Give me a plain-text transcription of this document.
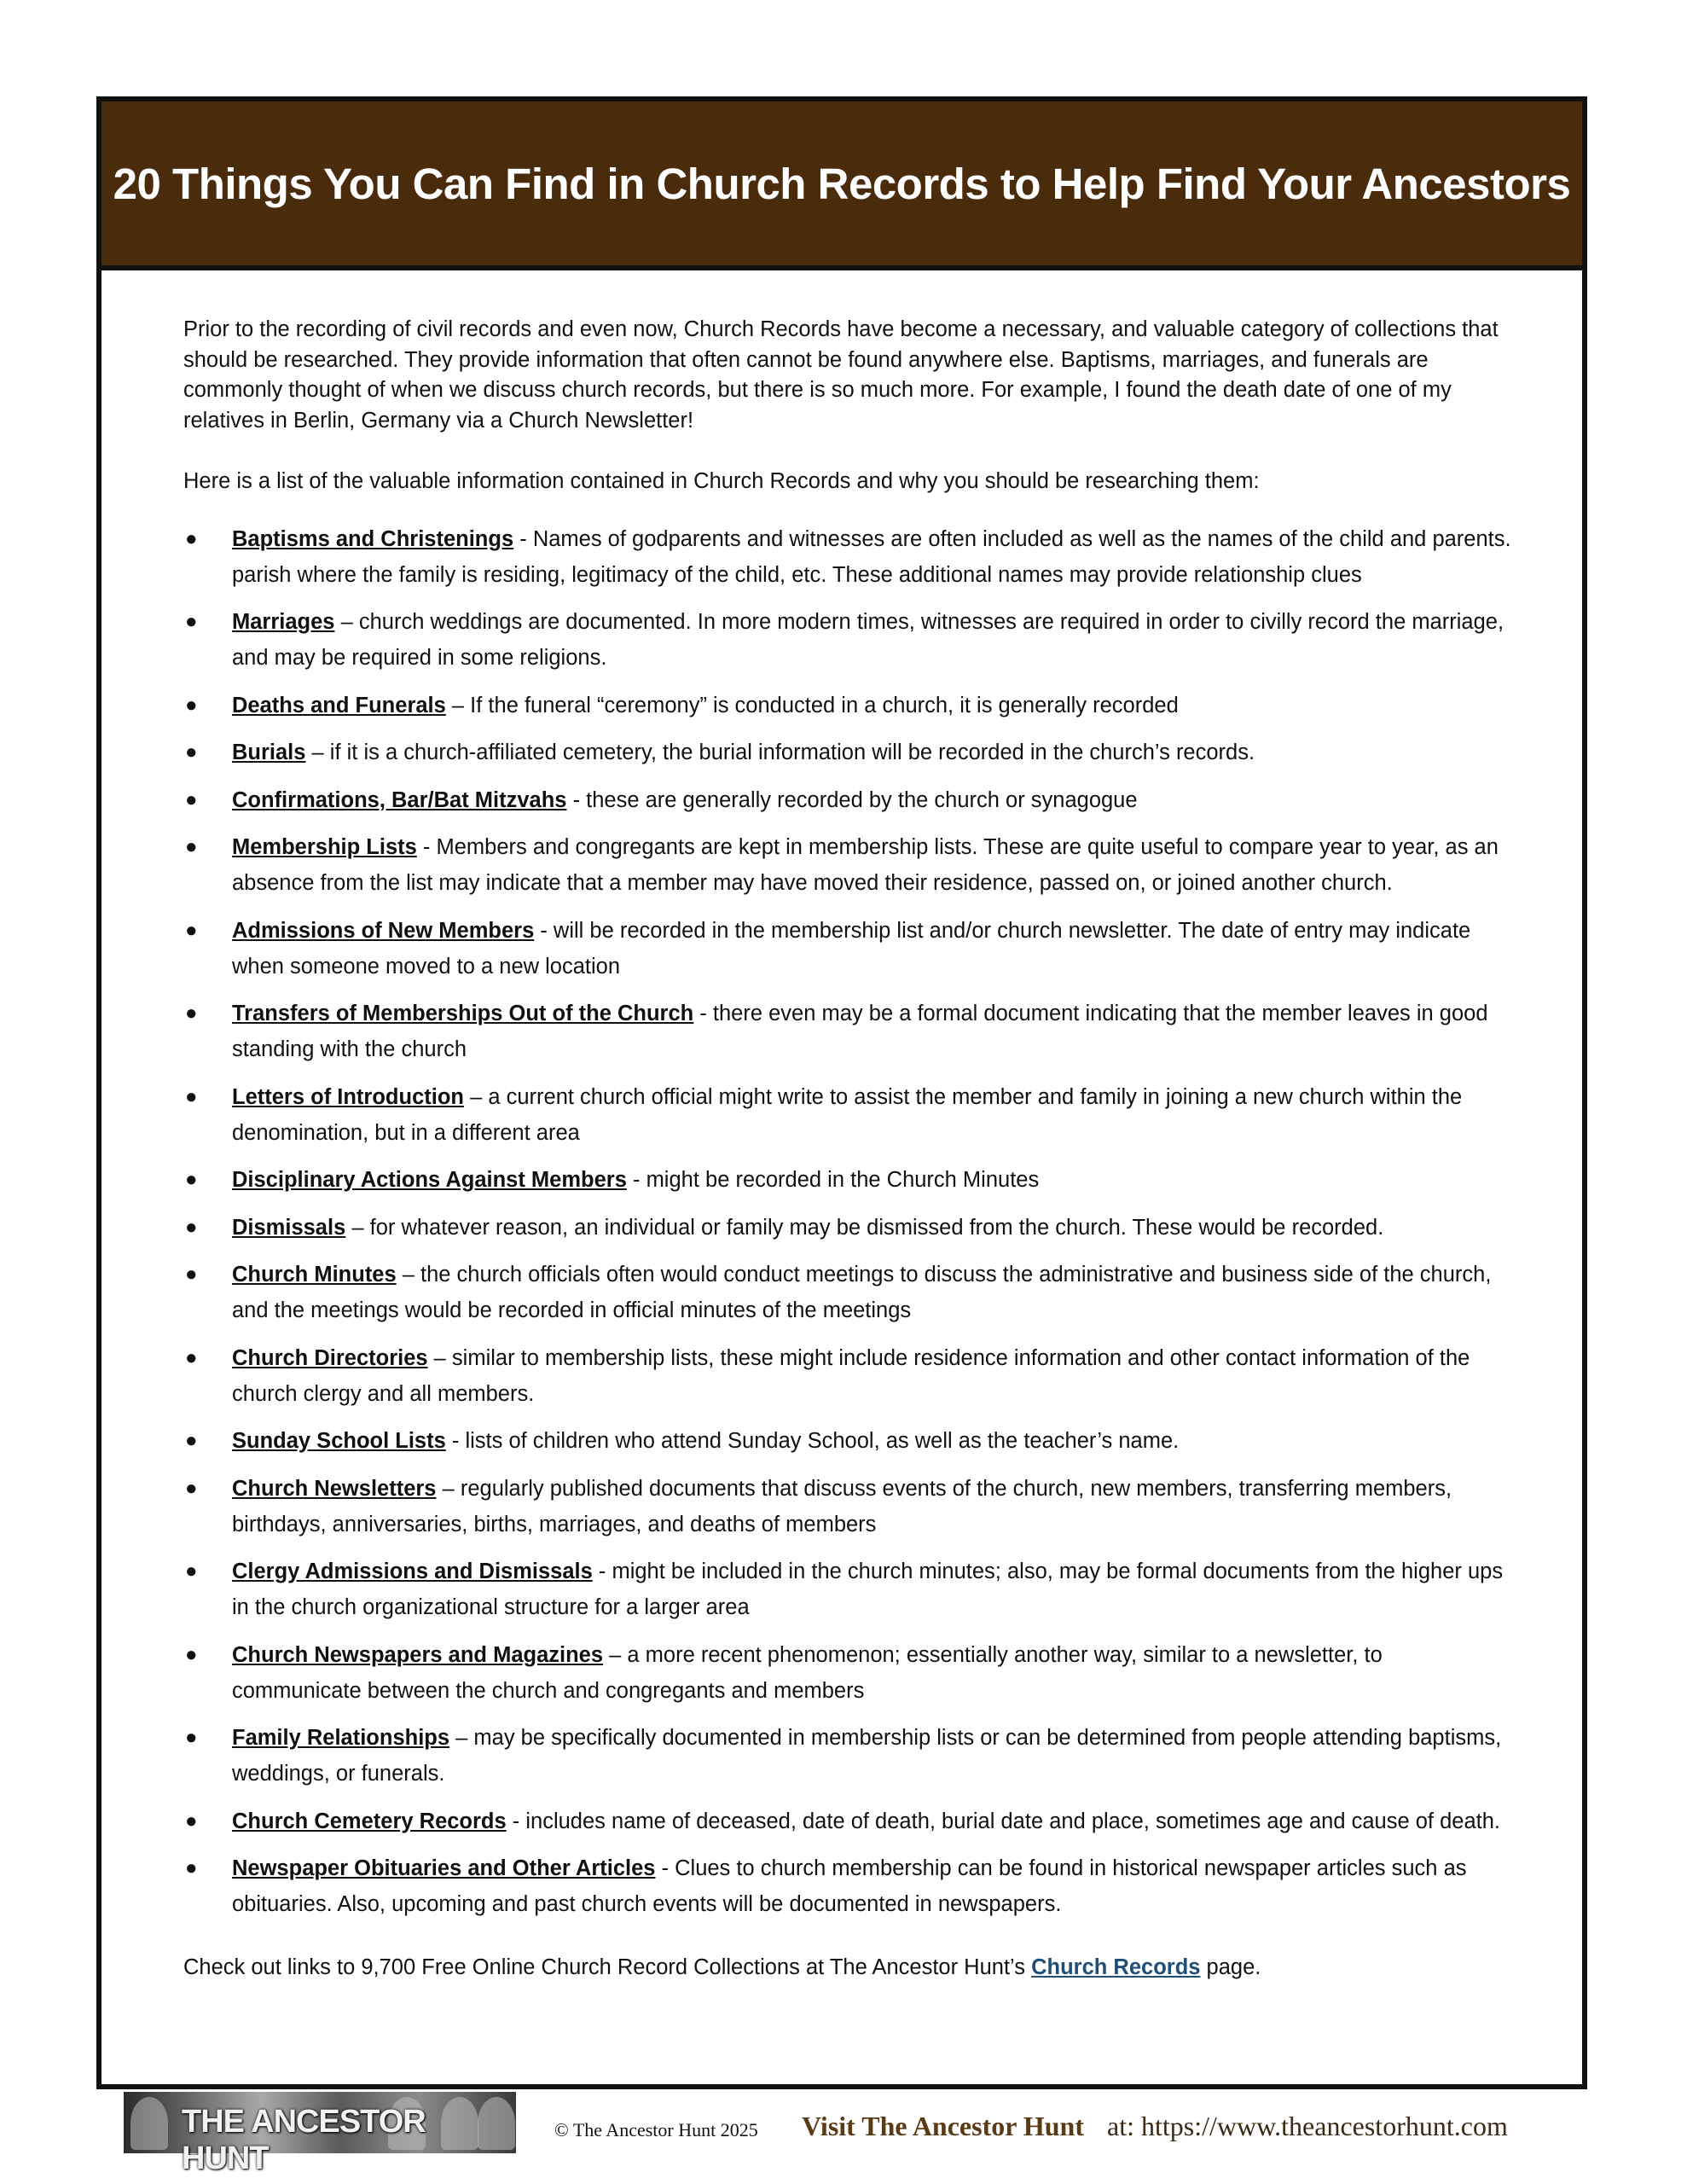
20 Things You Can Find in Church Records to Help Find Your Ancestors

Prior to the recording of civil records and even now, Church Records have become a necessary, and valuable category of collections that should be researched. They provide information that often cannot be found anywhere else. Baptisms, marriages, and funerals are commonly thought of when we discuss church records, but there is so much more. For example, I found the death date of one of my relatives in Berlin, Germany via a Church Newsletter!

Here is a list of the valuable information contained in Church Records and why you should be researching them:

● Baptisms and Christenings - Names of godparents and witnesses are often included as well as the names of the child and parents. parish where the family is residing, legitimacy of the child, etc. These additional names may provide relationship clues
● Marriages – church weddings are documented. In more modern times, witnesses are required in order to civilly record the marriage, and may be required in some religions.
● Deaths and Funerals – If the funeral “ceremony” is conducted in a church, it is generally recorded
● Burials – if it is a church-affiliated cemetery, the burial information will be recorded in the church’s records.
● Confirmations, Bar/Bat Mitzvahs - these are generally recorded by the church or synagogue
● Membership Lists - Members and congregants are kept in membership lists. These are quite useful to compare year to year, as an absence from the list may indicate that a member may have moved their residence, passed on, or joined another church.
● Admissions of New Members - will be recorded in the membership list and/or church newsletter. The date of entry may indicate when someone moved to a new location
● Transfers of Memberships Out of the Church - there even may be a formal document indicating that the member leaves in good standing with the church
● Letters of Introduction – a current church official might write to assist the member and family in joining a new church within the denomination, but in a different area
● Disciplinary Actions Against Members - might be recorded in the Church Minutes
● Dismissals – for whatever reason, an individual or family may be dismissed from the church. These would be recorded.
● Church Minutes – the church officials often would conduct meetings to discuss the administrative and business side of the church, and the meetings would be recorded in official minutes of the meetings
● Church Directories – similar to membership lists, these might include residence information and other contact information of the church clergy and all members.
● Sunday School Lists - lists of children who attend Sunday School, as well as the teacher’s name.
● Church Newsletters – regularly published documents that discuss events of the church, new members, transferring members, birthdays, anniversaries, births, marriages, and deaths of members
● Clergy Admissions and Dismissals - might be included in the church minutes; also, may be formal documents from the higher ups in the church organizational structure for a larger area
● Church Newspapers and Magazines – a more recent phenomenon; essentially another way, similar to a newsletter, to communicate between the church and congregants and members
● Family Relationships – may be specifically documented in membership lists or can be determined from people attending baptisms, weddings, or funerals.
● Church Cemetery Records - includes name of deceased, date of death, burial date and place, sometimes age and cause of death.
● Newspaper Obituaries and Other Articles - Clues to church membership can be found in historical newspaper articles such as obituaries. Also, upcoming and past church events will be documented in newspapers.

Check out links to 9,700 Free Online Church Record Collections at The Ancestor Hunt’s Church Records page.

THE ANCESTOR HUNT
© The Ancestor Hunt 2025 Visit The Ancestor Hunt at: https://www.theancestorhunt.com
